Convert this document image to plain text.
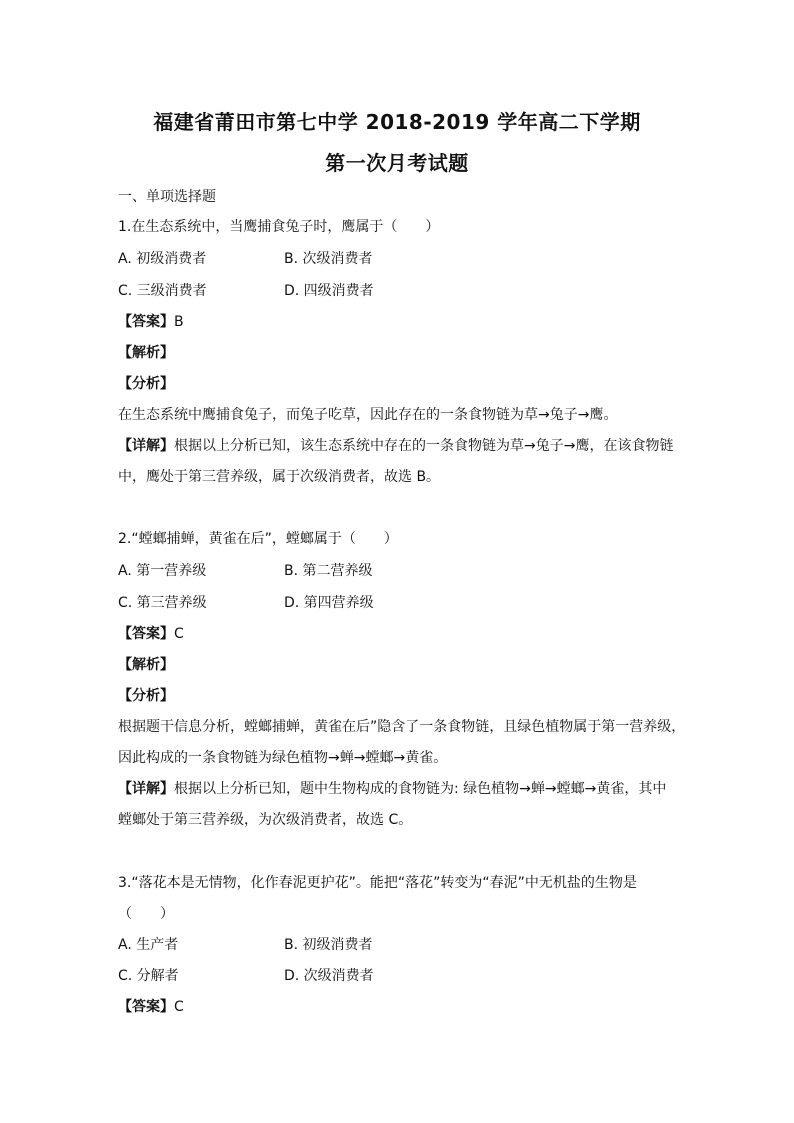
福建省莆田市第七中学 2018-2019 学年高二下学期
第一次月考试题
一、单项选择题
1.在生态系统中，当鹰捕食兔子时，鹰属于（　　）
A. 初级消费者	B. 次级消费者
C. 三级消费者	D. 四级消费者
【答案】B
【解析】
【分析】
在生态系统中鹰捕食兔子，而兔子吃草，因此存在的一条食物链为草→兔子→鹰。
【详解】根据以上分析已知，该生态系统中存在的一条食物链为草→兔子→鹰，在该食物链
中，鹰处于第三营养级，属于次级消费者，故选 B。
2.“螳螂捕蝉，黄雀在后”，螳螂属于（　　）
A. 第一营养级	B. 第二营养级
C. 第三营养级	D. 第四营养级
【答案】C
【解析】
【分析】
根据题干信息分析，螳螂捕蝉，黄雀在后”隐含了一条食物链，且绿色植物属于第一营养级，
因此构成的一条食物链为绿色植物→蝉→螳螂→黄雀。
【详解】根据以上分析已知，题中生物构成的食物链为: 绿色植物→蝉→螳螂→黄雀，其中
螳螂处于第三营养级，为次级消费者，故选 C。
3.“落花本是无情物，化作春泥更护花”。能把“落花”转变为“春泥”中无机盐的生物是
（　　）
A. 生产者	B. 初级消费者
C. 分解者	D. 次级消费者
【答案】C
